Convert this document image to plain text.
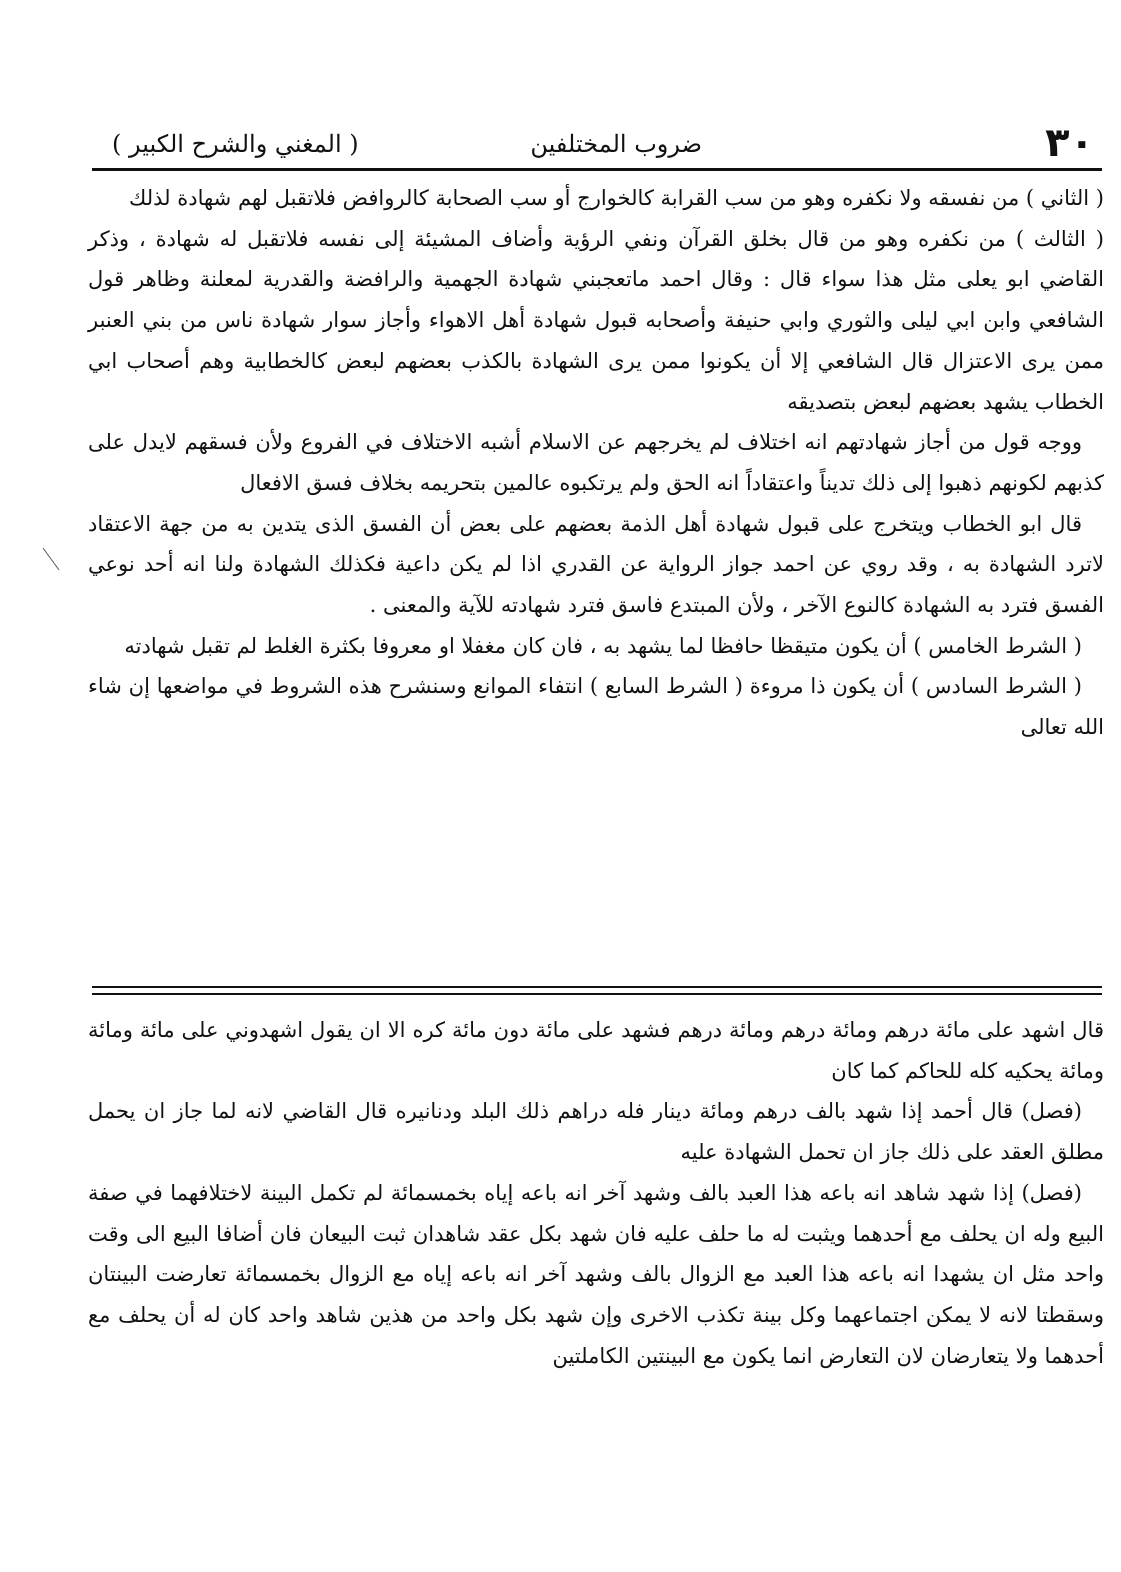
٣٠
ضروب المختلفين
( المغني والشرح الكبير )

( الثاني ) من نفسقه ولا نكفره وهو من سب القرابة كالخوارج أو سب الصحابة كالروافض فلاتقبل لهم شهادة لذلك

( الثالث ) من نكفره وهو من قال بخلق القرآن ونفي الرؤية وأضاف المشيئة إلى نفسه فلاتقبل له شهادة ، وذكر القاضي ابو يعلى مثل هذا سواء قال : وقال احمد ماتعجبني شهادة الجهمية والرافضة والقدرية لمعلنة وظاهر قول الشافعي وابن ابي ليلى والثوري وابي حنيفة وأصحابه قبول شهادة أهل الاهواء وأجاز سوار شهادة ناس من بني العنبر ممن يرى الاعتزال قال الشافعي إلا أن يكونوا ممن يرى الشهادة بالكذب بعضهم لبعض كالخطابية وهم أصحاب ابي الخطاب يشهد بعضهم لبعض بتصديقه

ووجه قول من أجاز شهادتهم انه اختلاف لم يخرجهم عن الاسلام أشبه الاختلاف في الفروع ولأن فسقهم لايدل على كذبهم لكونهم ذهبوا إلى ذلك تديناً واعتقاداً انه الحق ولم يرتكبوه عالمين بتحريمه بخلاف فسق الافعال

قال ابو الخطاب ويتخرج على قبول شهادة أهل الذمة بعضهم على بعض أن الفسق الذى يتدين به من جهة الاعتقاد لاترد الشهادة به ، وقد روي عن احمد جواز الرواية عن القدري اذا لم يكن داعية فكذلك الشهادة ولنا انه أحد نوعي الفسق فترد به الشهادة كالنوع الآخر ، ولأن المبتدع فاسق فترد شهادته للآية والمعنى .

( الشرط الخامس ) أن يكون متيقظا حافظا لما يشهد به ، فان كان مغفلا او معروفا بكثرة الغلط لم تقبل شهادته

( الشرط السادس ) أن يكون ذا مروءة ( الشرط السابع ) انتفاء الموانع وسنشرح هذه الشروط في مواضعها إن شاء الله تعالى

قال اشهد على مائة درهم ومائة درهم ومائة درهم فشهد على مائة دون مائة كره الا ان يقول اشهدوني على مائة ومائة ومائة يحكيه كله للحاكم كما كان

(فصل) قال أحمد إذا شهد بالف درهم ومائة دينار فله دراهم ذلك البلد ودنانيره قال القاضي لانه لما جاز ان يحمل مطلق العقد على ذلك جاز ان تحمل الشهادة عليه

(فصل) إذا شهد شاهد انه باعه هذا العبد بالف وشهد آخر انه باعه إياه بخمسمائة لم تكمل البينة لاختلافهما في صفة البيع وله ان يحلف مع أحدهما ويثبت له ما حلف عليه فان شهد بكل عقد شاهدان ثبت البيعان فان أضافا البيع الى وقت واحد مثل ان يشهدا انه باعه هذا العبد مع الزوال بالف وشهد آخر انه باعه إياه مع الزوال بخمسمائة تعارضت البينتان وسقطتا لانه لا يمكن اجتماعهما وكل بينة تكذب الاخرى وإن شهد بكل واحد من هذين شاهد واحد كان له أن يحلف مع أحدهما ولا يتعارضان لان التعارض انما يكون مع البينتين الكاملتين
